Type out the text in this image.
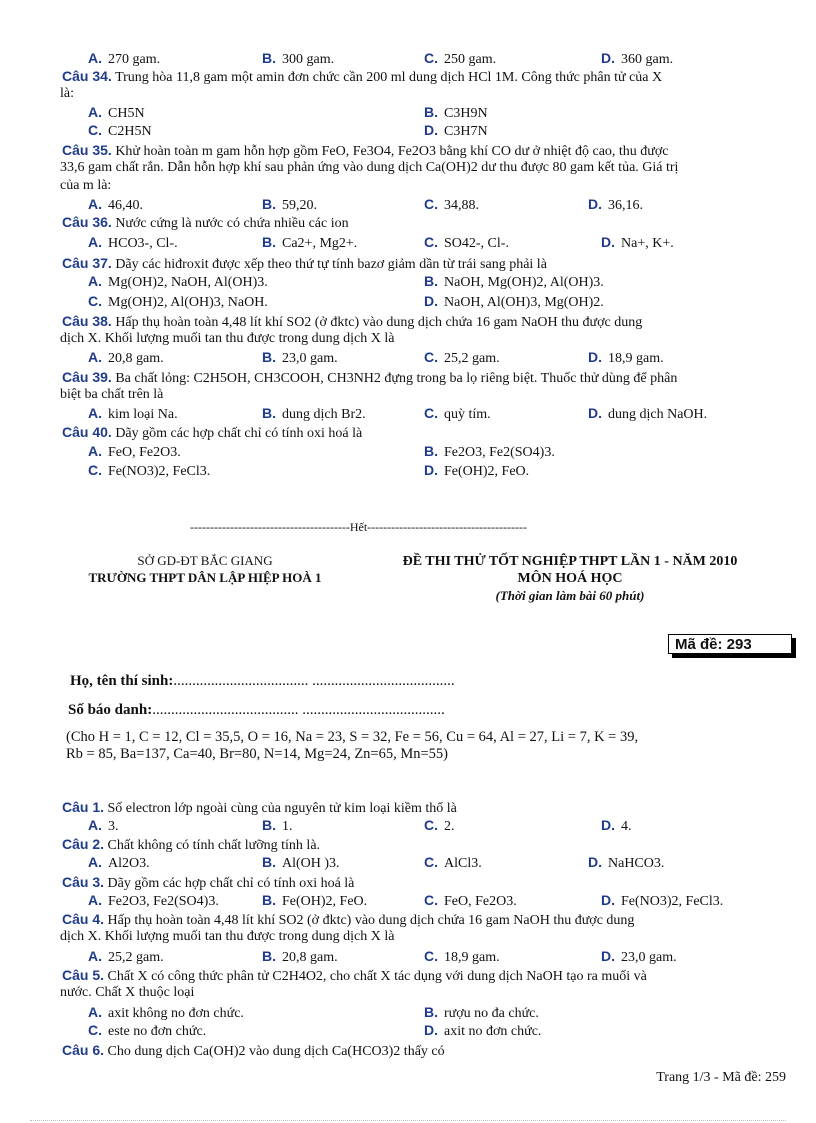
A. 270 gam.	B. 300 gam.	C. 250 gam.	D. 360 gam.
Câu 34. Trung hòa 11,8 gam một amin đơn chức cần 200 ml dung dịch HCl 1M. Công thức phân tử của X
là:
A. CH5N	B. C3H9N
C. C2H5N	D. C3H7N
Câu 35. Khử hoàn toàn m gam hỗn hợp gồm FeO, Fe3O4, Fe2O3 bằng khí CO dư ở nhiệt độ cao, thu được
33,6 gam chất rắn. Dẫn hỗn hợp khí sau phản ứng vào dung dịch Ca(OH)2 dư thu được 80 gam kết tủa. Giá trị
của m là:
A. 46,40.	B. 59,20.	C. 34,88.	D. 36,16.
Câu 36. Nước cứng là nước có chứa nhiều các ion
A. HCO3-, Cl-.	B. Ca2+, Mg2+.	C. SO42-, Cl-.	D. Na+, K+.
Câu 37. Dãy các hiđroxit được xếp theo thứ tự tính bazơ giảm dần từ trái sang phải là
A. Mg(OH)2, NaOH, Al(OH)3.	B. NaOH, Mg(OH)2, Al(OH)3.
C. Mg(OH)2, Al(OH)3, NaOH.	D. NaOH, Al(OH)3, Mg(OH)2.
Câu 38. Hấp thụ hoàn toàn 4,48 lít khí SO2 (ở đktc) vào dung dịch chứa 16 gam NaOH thu được dung
dịch X. Khối lượng muối tan thu được trong dung dịch X là
A. 20,8 gam.	B. 23,0 gam.	C. 25,2 gam.	D. 18,9 gam.
Câu 39. Ba chất lỏng: C2H5OH, CH3COOH, CH3NH2 đựng trong ba lọ riêng biệt. Thuốc thử dùng để phân
biệt ba chất trên là
A. kim loại Na.	B. dung dịch Br2.	C. quỳ tím.	D. dung dịch NaOH.
Câu 40. Dãy gồm các hợp chất chỉ có tính oxi hoá là
A. FeO, Fe2O3.	B. Fe2O3, Fe2(SO4)3.
C. Fe(NO3)2, FeCl3.	D. Fe(OH)2, FeO.
----------------------------------------Hết----------------------------------------
SỞ GD-ĐT BẮC GIANG
TRƯỜNG THPT DÂN LẬP HIỆP HOÀ 1
ĐỀ THI THỬ TỐT NGHIỆP THPT LẦN 1 - NĂM 2010
MÔN HOÁ HỌC
(Thời gian làm bài 60 phút)
Mã đề: 293
Họ, tên thí sinh:.................................... ......................................
Số báo danh:....................................... ......................................
(Cho H = 1, C = 12, Cl = 35,5, O = 16, Na = 23, S = 32, Fe = 56, Cu = 64, Al = 27, Li = 7, K = 39,
Rb = 85, Ba=137, Ca=40, Br=80, N=14, Mg=24, Zn=65, Mn=55)
Câu 1. Số electron lớp ngoài cùng của nguyên tử kim loại kiềm thổ là
A. 3.	B. 1.	C. 2.	D. 4.
Câu 2. Chất không có tính chất lưỡng tính là.
A. Al2O3.	B. Al(OH )3.	C. AlCl3.	D. NaHCO3.
Câu 3. Dãy gồm các hợp chất chỉ có tính oxi hoá là
A. Fe2O3, Fe2(SO4)3.	B. Fe(OH)2, FeO.	C. FeO, Fe2O3.	D. Fe(NO3)2, FeCl3.
Câu 4. Hấp thụ hoàn toàn 4,48 lít khí SO2 (ở đktc) vào dung dịch chứa 16 gam NaOH thu được dung
dịch X. Khối lượng muối tan thu được trong dung dịch X là
A. 25,2 gam.	B. 20,8 gam.	C. 18,9 gam.	D. 23,0 gam.
Câu 5. Chất X có công thức phân tử C2H4O2, cho chất X tác dụng với dung dịch NaOH tạo ra muối và
nước. Chất X thuộc loại
A. axit không no đơn chức.	B. rượu no đa chức.
C. este no đơn chức.	D. axit no đơn chức.
Câu 6. Cho dung dịch Ca(OH)2 vào dung dịch Ca(HCO3)2 thấy có
Trang 1/3 - Mã đề: 259
